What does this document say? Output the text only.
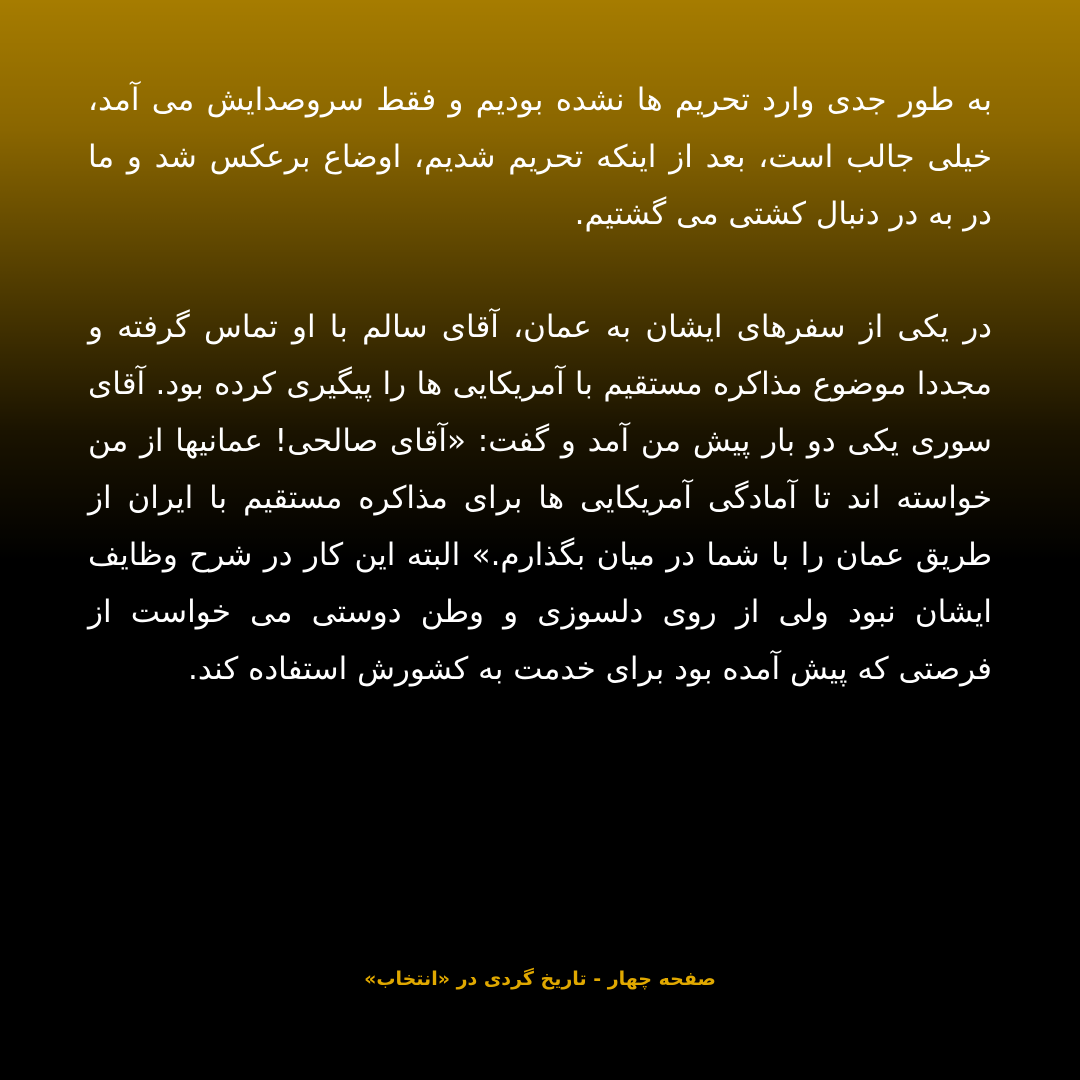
به طور جدی وارد تحریم ها نشده بودیم و فقط سروصدایش می آمد، خیلی جالب است، بعد از اینکه تحریم شدیم، اوضاع برعکس شد و ما در به در دنبال کشتی می گشتیم.

در یکی از سفرهای ایشان به عمان، آقای سالم با او تماس گرفته و مجددا موضوع مذاکره مستقیم با آمریکایی ها را پیگیری کرده بود. آقای سوری یکی دو بار پیش من آمد و گفت: «آقای صالحی! عمانیها از من خواسته اند تا آمادگی آمریکایی ها برای مذاکره مستقیم با ایران از طریق عمان را با شما در میان بگذارم.» البته این کار در شرح وظایف ایشان نبود ولی از روی دلسوزی و وطن دوستی می خواست از فرصتی که پیش آمده بود برای خدمت به کشورش استفاده کند.

صفحه چهار - تاریخ گردی در «انتخاب»
